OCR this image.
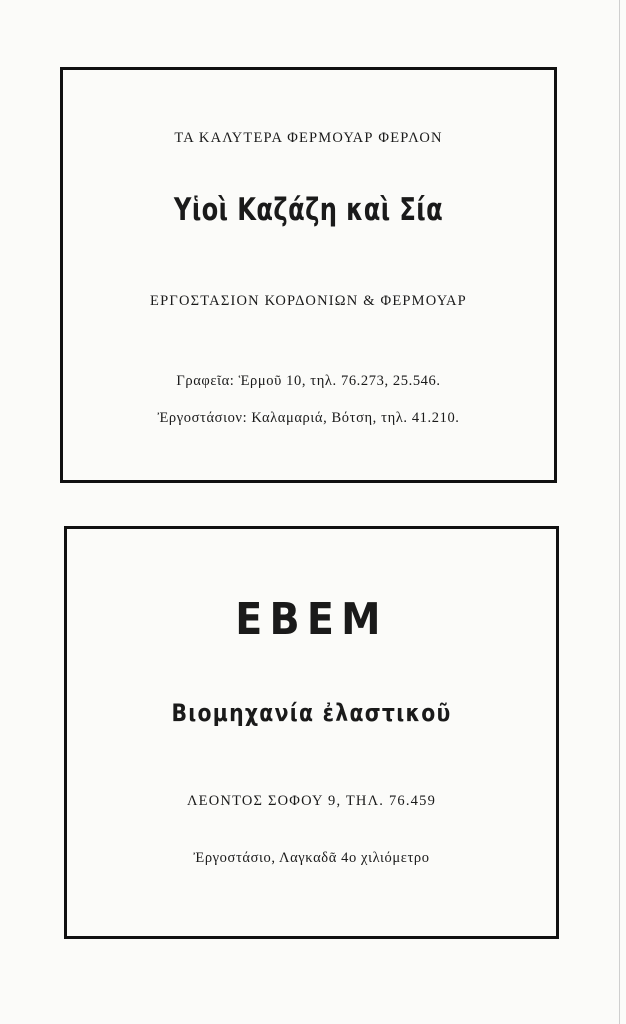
ΤΑ ΚΑΛΥΤΕΡΑ ΦΕΡΜΟΥΑΡ ΦΕΡΛΟΝ
Υἱοὶ Καζάζη καὶ Σία
ΕΡΓΟΣΤΑΣΙΟΝ ΚΟΡΔΟΝΙΩΝ & ΦΕΡΜΟΥΑΡ
Γραφεῖα: Ἑρμοῦ 10, τηλ. 76.273, 25.546.
Ἐργοστάσιον: Καλαμαριά, Βότση, τηλ. 41.210.
ΕΒΕΜ
Βιομηχανία ἐλαστικοῦ
ΛΕΟΝΤΟΣ ΣΟΦΟΥ 9, ΤΗΛ. 76.459
Ἐργοστάσιο, Λαγκαδᾶ 4ο χιλιόμετρο
